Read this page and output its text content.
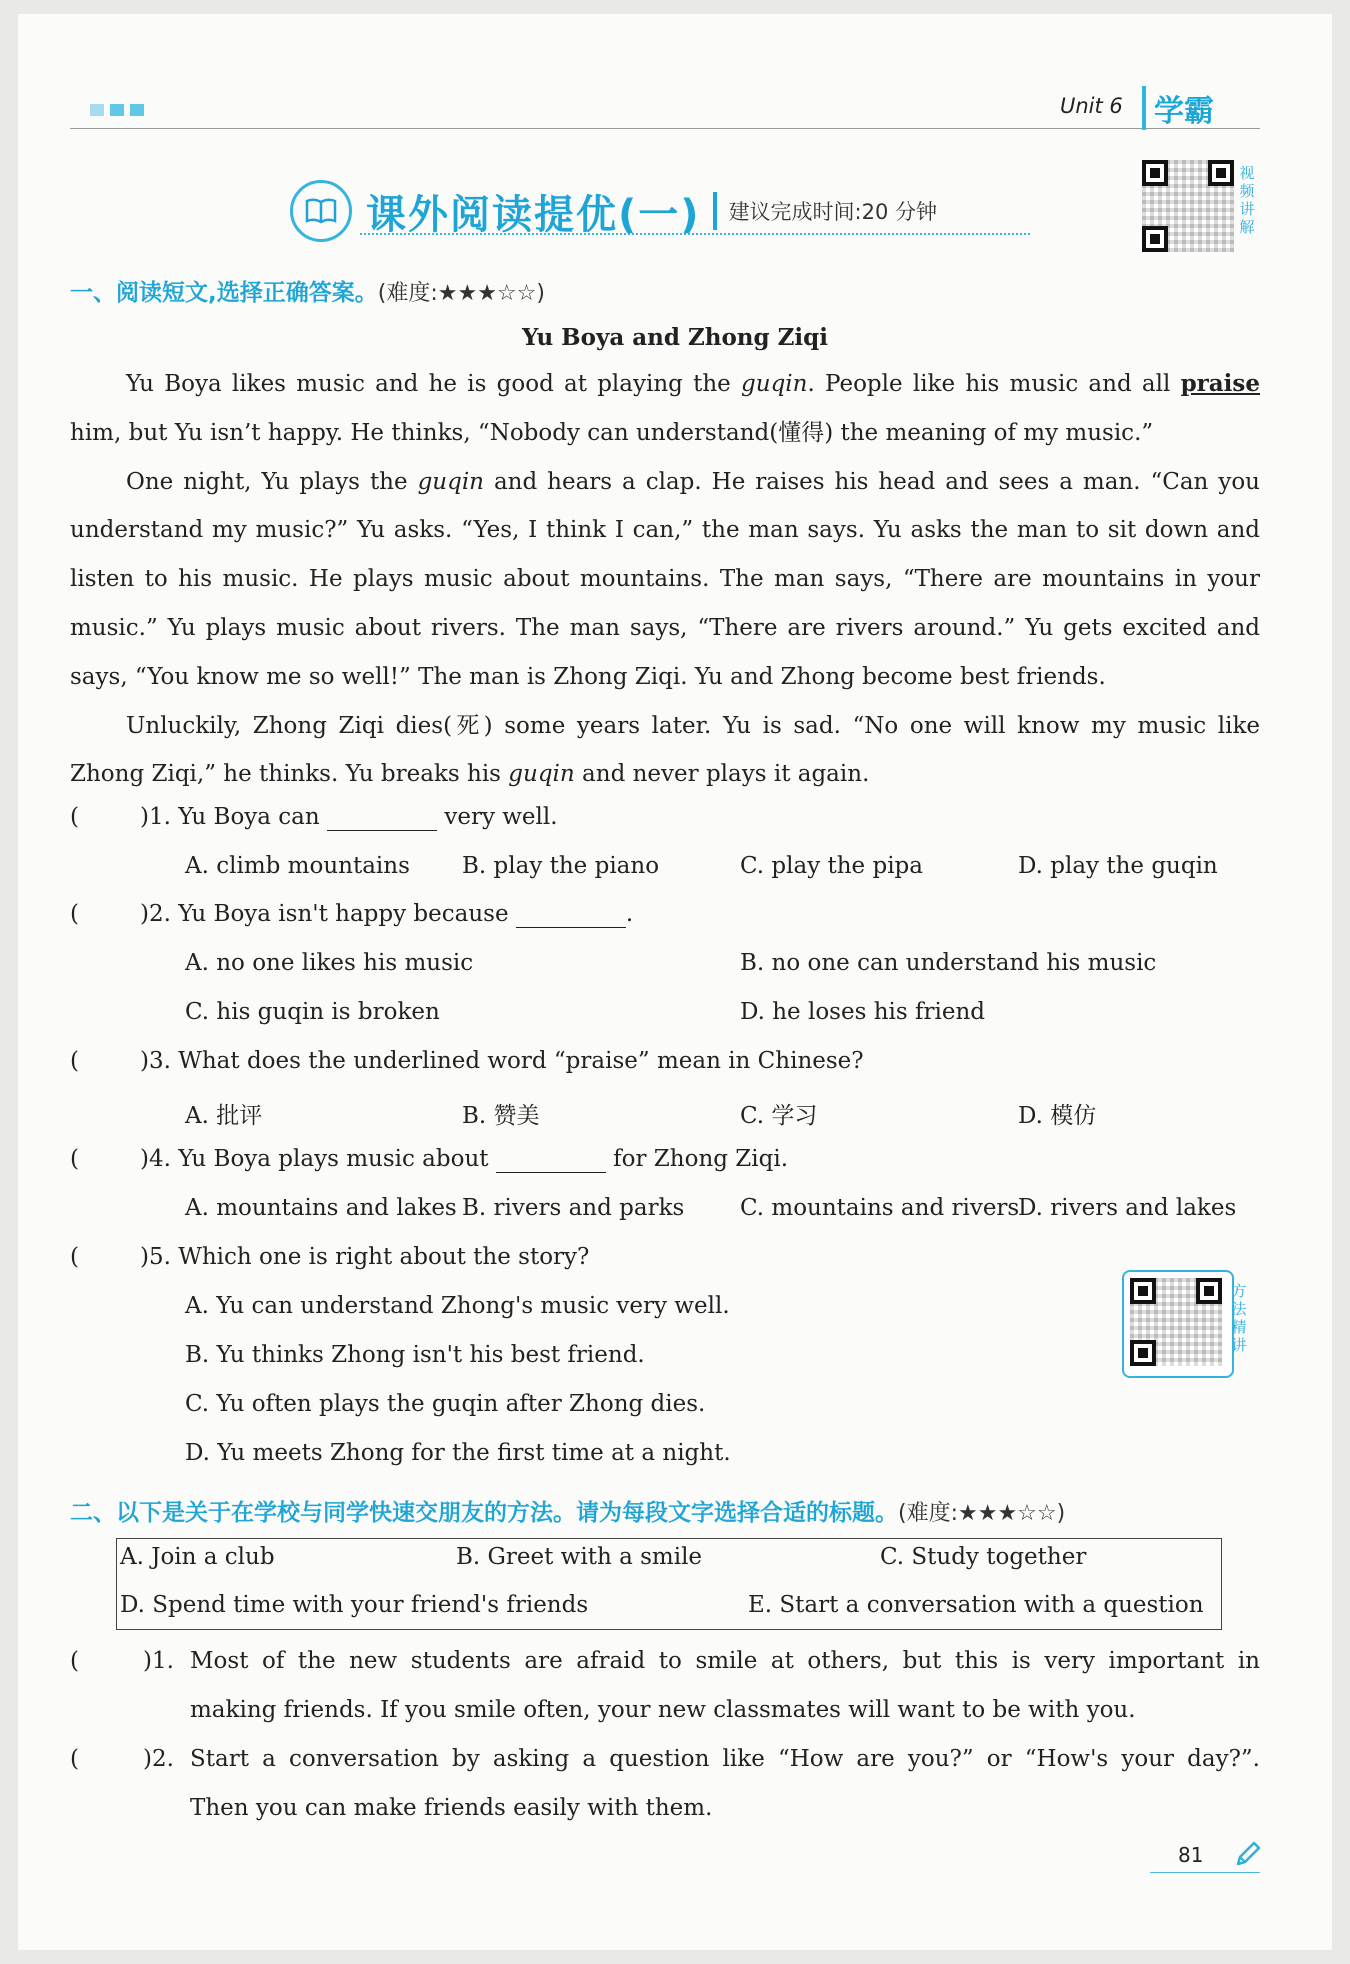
Unit 6	学霸
课外阅读提优(一) 建议完成时间:20 分钟
视频讲解
一、阅读短文,选择正确答案。(难度:★★★☆☆)
Yu Boya and Zhong Ziqi

Yu Boya likes music and he is good at playing the guqin. People like his music and all praise him, but Yu isn’t happy. He thinks, “Nobody can understand(懂得) the meaning of my music.”

One night, Yu plays the guqin and hears a clap. He raises his head and sees a man. “Can you understand my music?” Yu asks. “Yes, I think I can,” the man says. Yu asks the man to sit down and listen to his music. He plays music about mountains. The man says, “There are mountains in your music.” Yu plays music about rivers. The man says, “There are rivers around.” Yu gets excited and says, “You know me so well!” The man is Zhong Ziqi. Yu and Zhong become best friends.

Unluckily, Zhong Ziqi dies(死) some years later. Yu is sad. “No one will know my music like Zhong Ziqi,” he thinks. Yu breaks his guqin and never plays it again.

(	)1. Yu Boya can	very well.
A. climb mountains B. play the piano	C. play the pipa	D. play the guqin
(	)2. Yu Boya isn't happy because	.
A. no one likes his music	B. no one can understand his music
C. his guqin is broken	D. he loses his friend
(	)3. What does the underlined word “praise” mean in Chinese?
A. 批评	B. 赞美	C. 学习	D. 模仿
(	)4. Yu Boya plays music about	for Zhong Ziqi.
A. mountains and lakes B. rivers and parks C. mountains and rivers
D. rivers and lakes
(	)5. Which one is right about the story?
A. Yu can understand Zhong's music very well.
B. Yu thinks Zhong isn't his best friend.
C. Yu often plays the guqin after Zhong dies.
D. Yu meets Zhong for the first time at a night.
方法精讲
二、以下是关于在学校与同学快速交朋友的方法。请为每段文字选择合适的标题。(难度:★★★☆☆)
A. Join a club	B. Greet with a smile	C. Study together
D. Spend time with your friend's friends	E. Start a conversation with a question
(	)1. Most of the new students are afraid to smile at others, but this is very important in
making friends. If you smile often, your new classmates will want to be with you.
(	)2. Start a conversation by asking a question like “How are you?” or “How's your day?”.
Then you can make friends easily with them.
81
